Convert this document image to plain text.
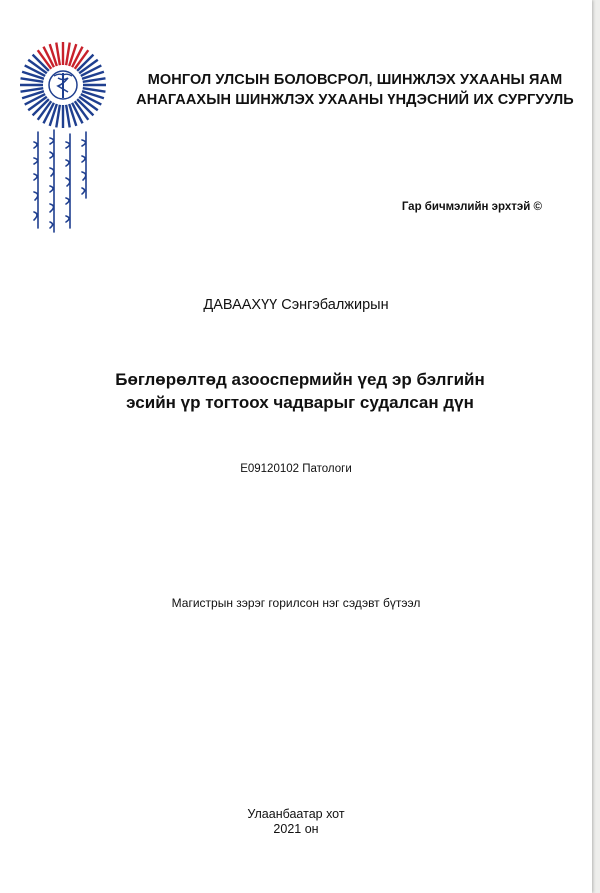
МОНГОЛ УЛСЫН БОЛОВСРОЛ, ШИНЖЛЭХ УХААНЫ ЯАМ
АНАГААХЫН ШИНЖЛЭХ УХААНЫ ҮНДЭСНИЙ ИХ СУРГУУЛЬ
Гар бичмэлийн эрхтэй ©
ДАВААХҮҮ Сэнгэбалжирын
Бөглөрөлтөд азооспермийн үед эр бэлгийн
эсийн үр тогтоох чадварыг судалсан дүн
E09120102 Патологи
Магистрын зэрэг горилсон нэг сэдэвт бүтээл
Улаанбаатар хот
2021 он
